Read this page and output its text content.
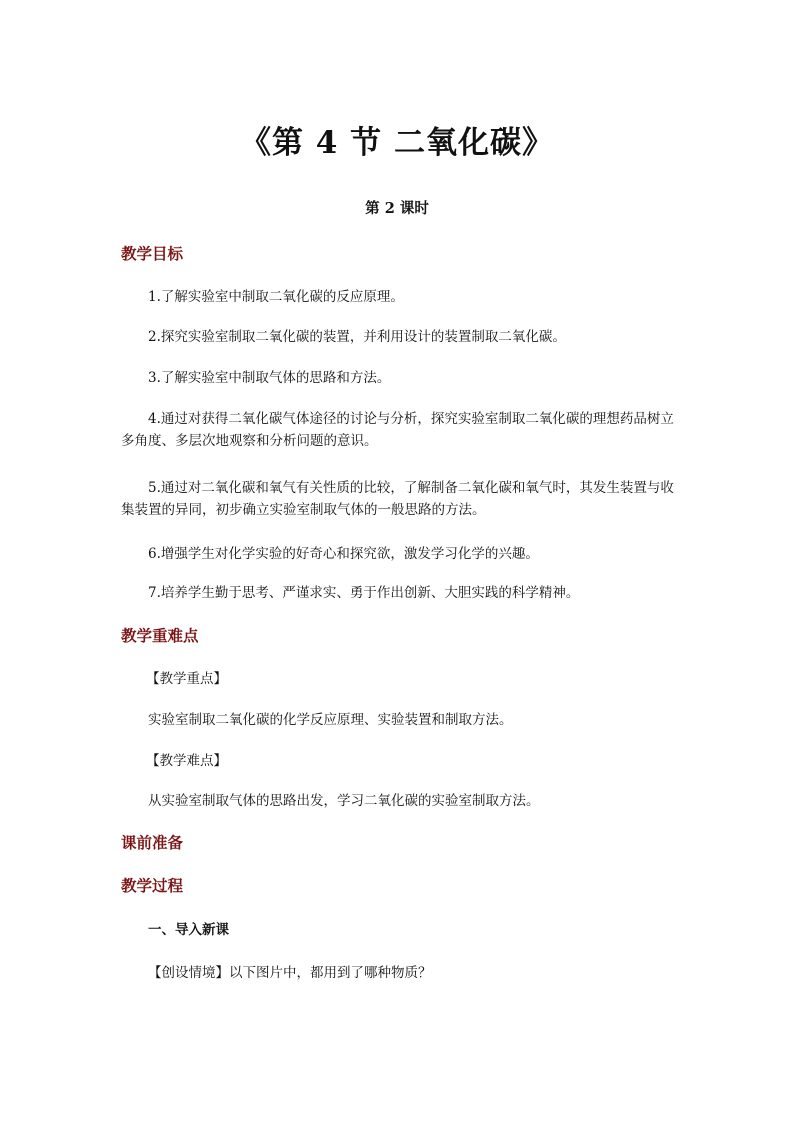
《第 4 节 二氧化碳》
第 2 课时
教学目标
1.了解实验室中制取二氧化碳的反应原理。
2.探究实验室制取二氧化碳的装置，并利用设计的装置制取二氧化碳。
3.了解实验室中制取气体的思路和方法。
4.通过对获得二氧化碳气体途径的讨论与分析，探究实验室制取二氧化碳的理想药品树立多角度、多层次地观察和分析问题的意识。
5.通过对二氧化碳和氧气有关性质的比较，了解制备二氧化碳和氧气时，其发生装置与收集装置的异同，初步确立实验室制取气体的一般思路的方法。
6.增强学生对化学实验的好奇心和探究欲，激发学习化学的兴趣。
7.培养学生勤于思考、严谨求实、勇于作出创新、大胆实践的科学精神。
教学重难点
【教学重点】
实验室制取二氧化碳的化学反应原理、实验装置和制取方法。
【教学难点】
从实验室制取气体的思路出发，学习二氧化碳的实验室制取方法。
课前准备
教学过程
一、导入新课
【创设情境】以下图片中，都用到了哪种物质？
